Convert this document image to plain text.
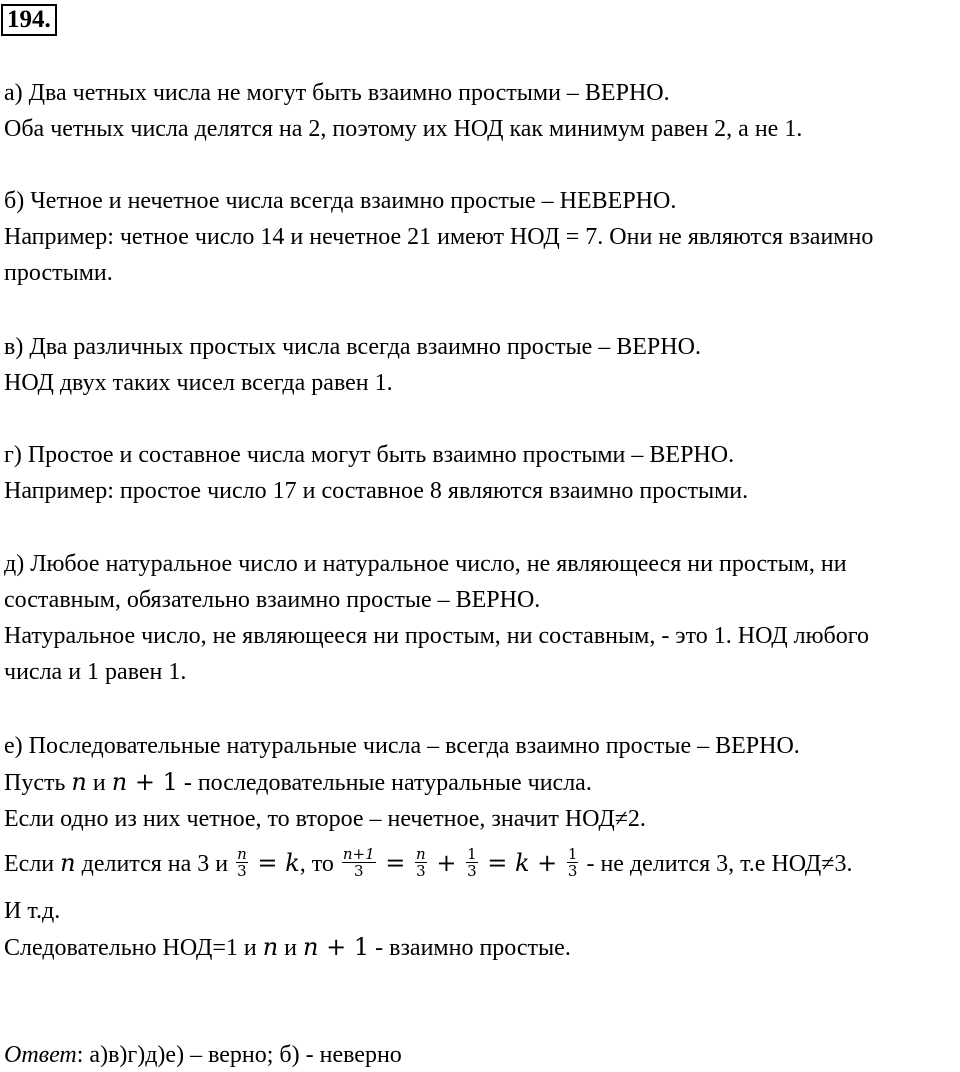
194.
а) Два четных числа не могут быть взаимно простыми – ВЕРНО.
Оба четных числа делятся на 2, поэтому их НОД как минимум равен 2, а не 1.
б) Четное и нечетное числа всегда взаимно простые – НЕВЕРНО.
Например: четное число 14 и нечетное 21 имеют НОД = 7. Они не являются взаимно
простыми.
в) Два различных простых числа всегда взаимно простые – ВЕРНО.
НОД двух таких чисел всегда равен 1.
г) Простое и составное числа могут быть взаимно простыми – ВЕРНО.
Например: простое число 17 и составное 8 являются взаимно простыми.
д) Любое натуральное число и натуральное число, не являющееся ни простым, ни
составным, обязательно взаимно простые – ВЕРНО.
Натуральное число, не являющееся ни простым, ни составным, - это 1. НОД любого
числа и 1 равен 1.
е) Последовательные натуральные числа – всегда взаимно простые – ВЕРНО.
Пусть n и n + 1 - последовательные натуральные числа.
Если одно из них четное, то второе – нечетное, значит НОД≠2.
Если n делится на 3 и $\frac{n}{3} = k$, то $\frac{n+1}{3} = \frac{n}{3} + \frac{1}{3} = k + \frac{1}{3}$ - не делится 3, т.е НОД≠3.
И т.д.
Следовательно НОД=1 и n и n + 1 - взаимно простые.
Ответ: а)в)г)д)е) – верно; б) - неверно
